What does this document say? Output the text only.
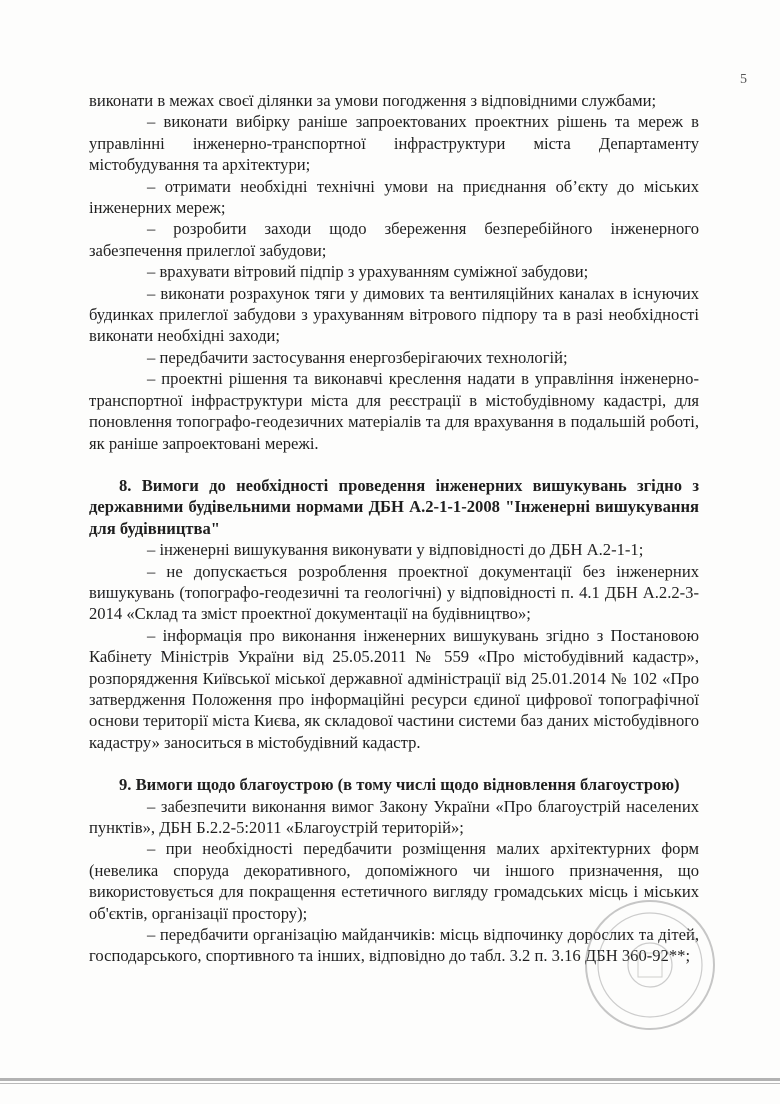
5

виконати в межах своєї ділянки за умови погодження з відповідними службами;

– виконати вибірку раніше запроектованих проектних рішень та мереж в управлінні інженерно-транспортної інфраструктури міста Департаменту містобудування та архітектури;

– отримати необхідні технічні умови на приєднання об’єкту до міських інженерних мереж;

– розробити заходи щодо збереження безперебійного інженерного забезпечення прилеглої забудови;

– врахувати вітровий підпір з урахуванням суміжної забудови;

– виконати розрахунок тяги у димових та вентиляційних каналах в існуючих будинках прилеглої забудови з урахуванням вітрового підпору та в разі необхідності виконати необхідні заходи;

– передбачити застосування енергозберігаючих технологій;

– проектні рішення та виконавчі креслення надати в управління інженерно-транспортної інфраструктури міста для реєстрації в містобудівному кадастрі, для поновлення топографо-геодезичних матеріалів та для врахування в подальшій роботі, як раніше запроектовані мережі.

8. Вимоги до необхідності проведення інженерних вишукувань згідно з державними будівельними нормами ДБН А.2-1-1-2008 "Інженерні вишукування для будівництва"

– інженерні вишукування виконувати у відповідності до ДБН А.2-1-1;

– не допускається розроблення проектної документації без інженерних вишукувань (топографо-геодезичні та геологічні) у відповідності п. 4.1 ДБН А.2.2-3-2014 «Склад та зміст проектної документації на будівництво»;

– інформація про виконання інженерних вишукувань згідно з Постановою Кабінету Міністрів України від 25.05.2011 № 559 «Про містобудівний кадастр», розпорядження Київської міської державної адміністрації від 25.01.2014 № 102 «Про затвердження Положення про інформаційні ресурси єдиної цифрової топографічної основи території міста Києва, як складової частини системи баз даних містобудівного кадастру» заноситься в містобудівний кадастр.

9. Вимоги щодо благоустрою (в тому числі щодо відновлення благоустрою)

– забезпечити виконання вимог Закону України «Про благоустрій населених пунктів», ДБН Б.2.2-5:2011 «Благоустрій територій»;

– при необхідності передбачити розміщення малих архітектурних форм (невелика споруда декоративного, допоміжного чи іншого призначення, що використовується для покращення естетичного вигляду громадських місць і міських об'єктів, організації простору);

– передбачити організацію майданчиків: місць відпочинку дорослих та дітей, господарського, спортивного та інших, відповідно до табл. 3.2 п. 3.16 ДБН 360-92**;
